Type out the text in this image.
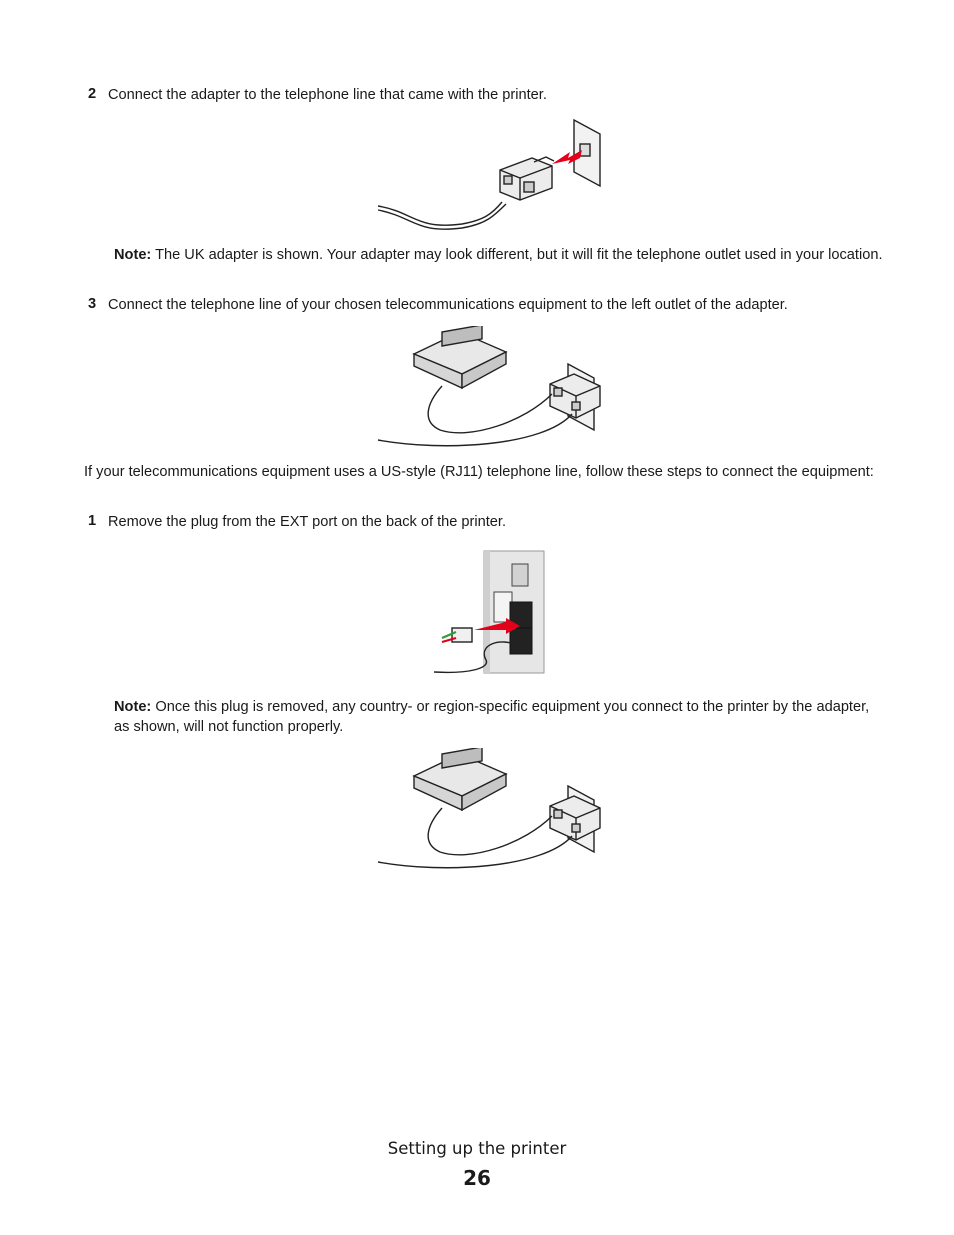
2 Connect the adapter to the telephone line that came with the printer.
Note: The UK adapter is shown. Your adapter may look different, but it will fit the telephone outlet used in your location.
3 Connect the telephone line of your chosen telecommunications equipment to the left outlet of the adapter.
If your telecommunications equipment uses a US-style (RJ11) telephone line, follow these steps to connect the equipment:
1 Remove the plug from the EXT port on the back of the printer.
Note: Once this plug is removed, any country- or region-specific equipment you connect to the printer by the adapter, as shown, will not function properly.
Setting up the printer
26
